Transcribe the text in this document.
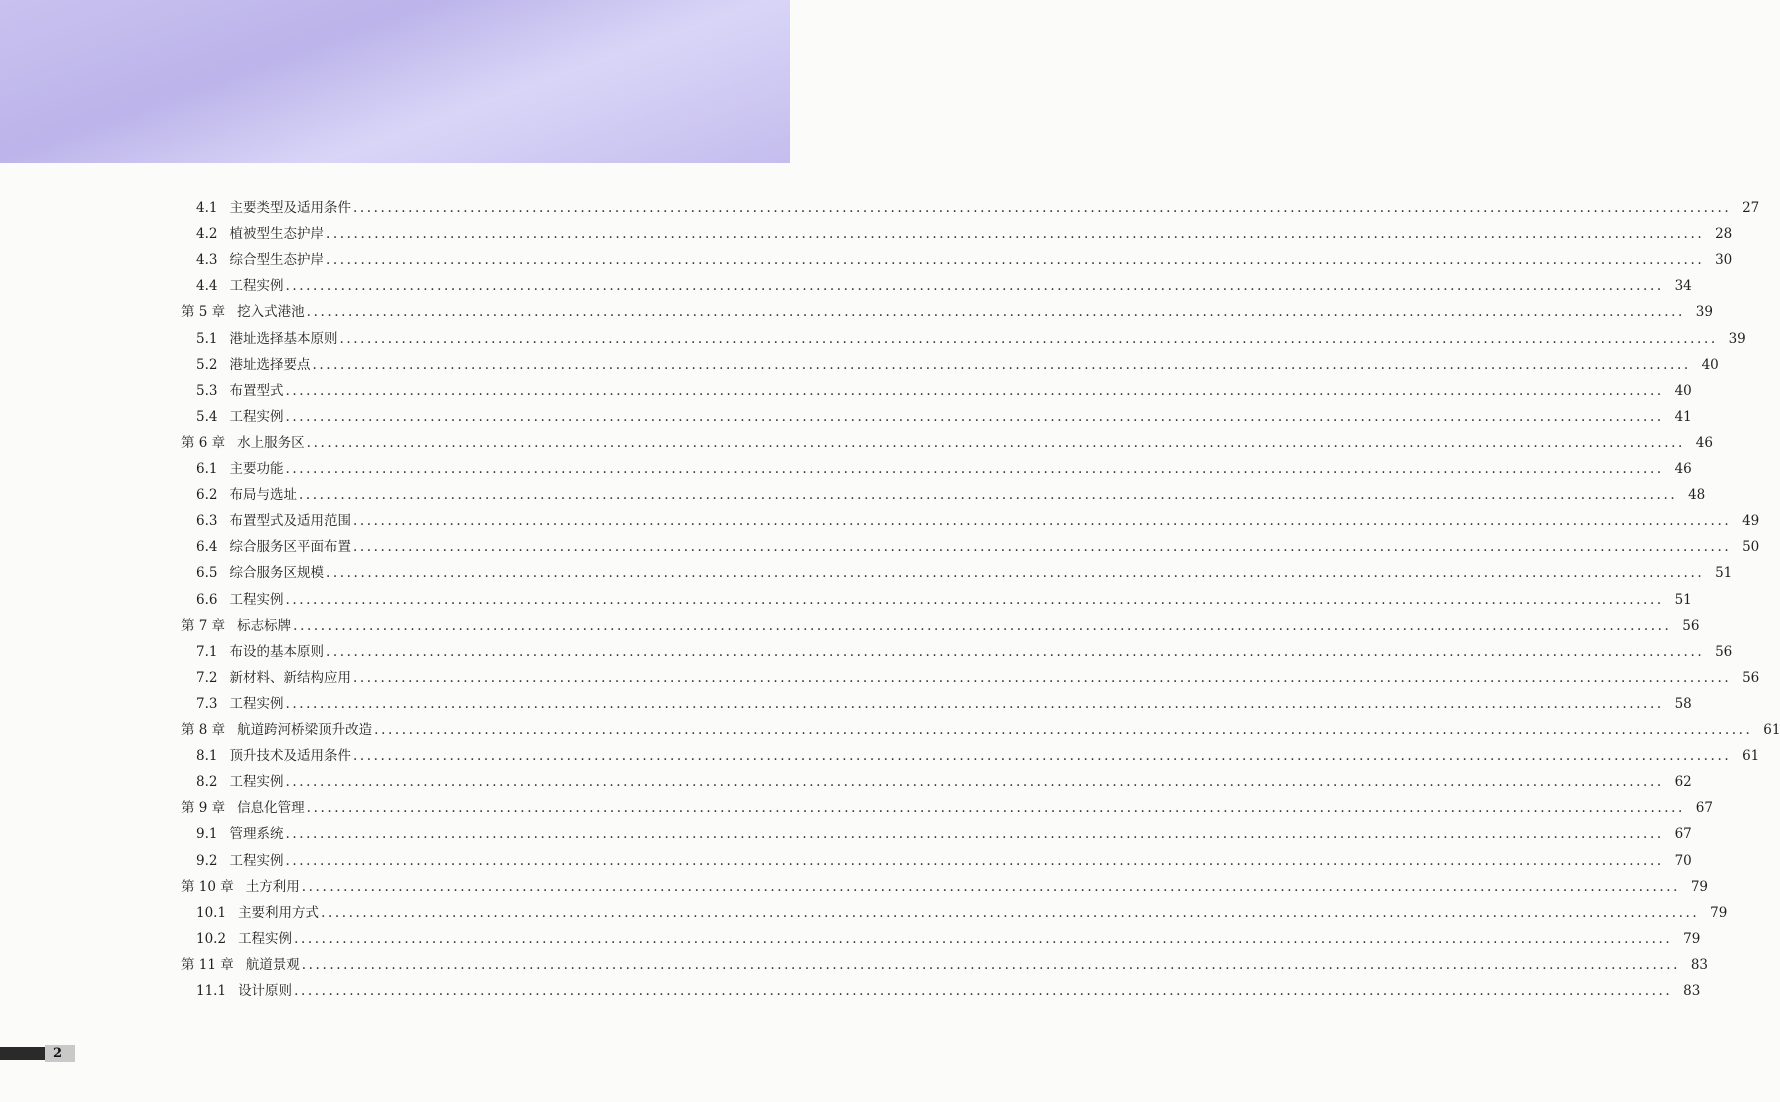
4.1 主要类型及适用条件 ........................................................................................................................................................................................................ 27
4.2 植被型生态护岸 ........................................................................................................................................................................................................ 28
4.3 综合型生态护岸 ........................................................................................................................................................................................................ 30
4.4 工程实例 ........................................................................................................................................................................................................ 34
第 5 章 挖入式港池 ........................................................................................................................................................................................................ 39
5.1 港址选择基本原则 ........................................................................................................................................................................................................ 39
5.2 港址选择要点 ........................................................................................................................................................................................................ 40
5.3 布置型式 ........................................................................................................................................................................................................ 40
5.4 工程实例 ........................................................................................................................................................................................................ 41
第 6 章 水上服务区 ........................................................................................................................................................................................................ 46
6.1 主要功能 ........................................................................................................................................................................................................ 46
6.2 布局与选址 ........................................................................................................................................................................................................ 48
6.3 布置型式及适用范围 ........................................................................................................................................................................................................ 49
6.4 综合服务区平面布置 ........................................................................................................................................................................................................ 50
6.5 综合服务区规模 ........................................................................................................................................................................................................ 51
6.6 工程实例 ........................................................................................................................................................................................................ 51
第 7 章 标志标牌 ........................................................................................................................................................................................................ 56
7.1 布设的基本原则 ........................................................................................................................................................................................................ 56
7.2 新材料、新结构应用 ........................................................................................................................................................................................................ 56
7.3 工程实例 ........................................................................................................................................................................................................ 58
第 8 章 航道跨河桥梁顶升改造 ........................................................................................................................................................................................................ 61
8.1 顶升技术及适用条件 ........................................................................................................................................................................................................ 61
8.2 工程实例 ........................................................................................................................................................................................................ 62
第 9 章 信息化管理 ........................................................................................................................................................................................................ 67
9.1 管理系统 ........................................................................................................................................................................................................ 67
9.2 工程实例 ........................................................................................................................................................................................................ 70
第 10 章 土方利用 ........................................................................................................................................................................................................ 79
10.1 主要利用方式 ........................................................................................................................................................................................................ 79
10.2 工程实例 ........................................................................................................................................................................................................ 79
第 11 章 航道景观 ........................................................................................................................................................................................................ 83
11.1 设计原则 ........................................................................................................................................................................................................ 83
2
